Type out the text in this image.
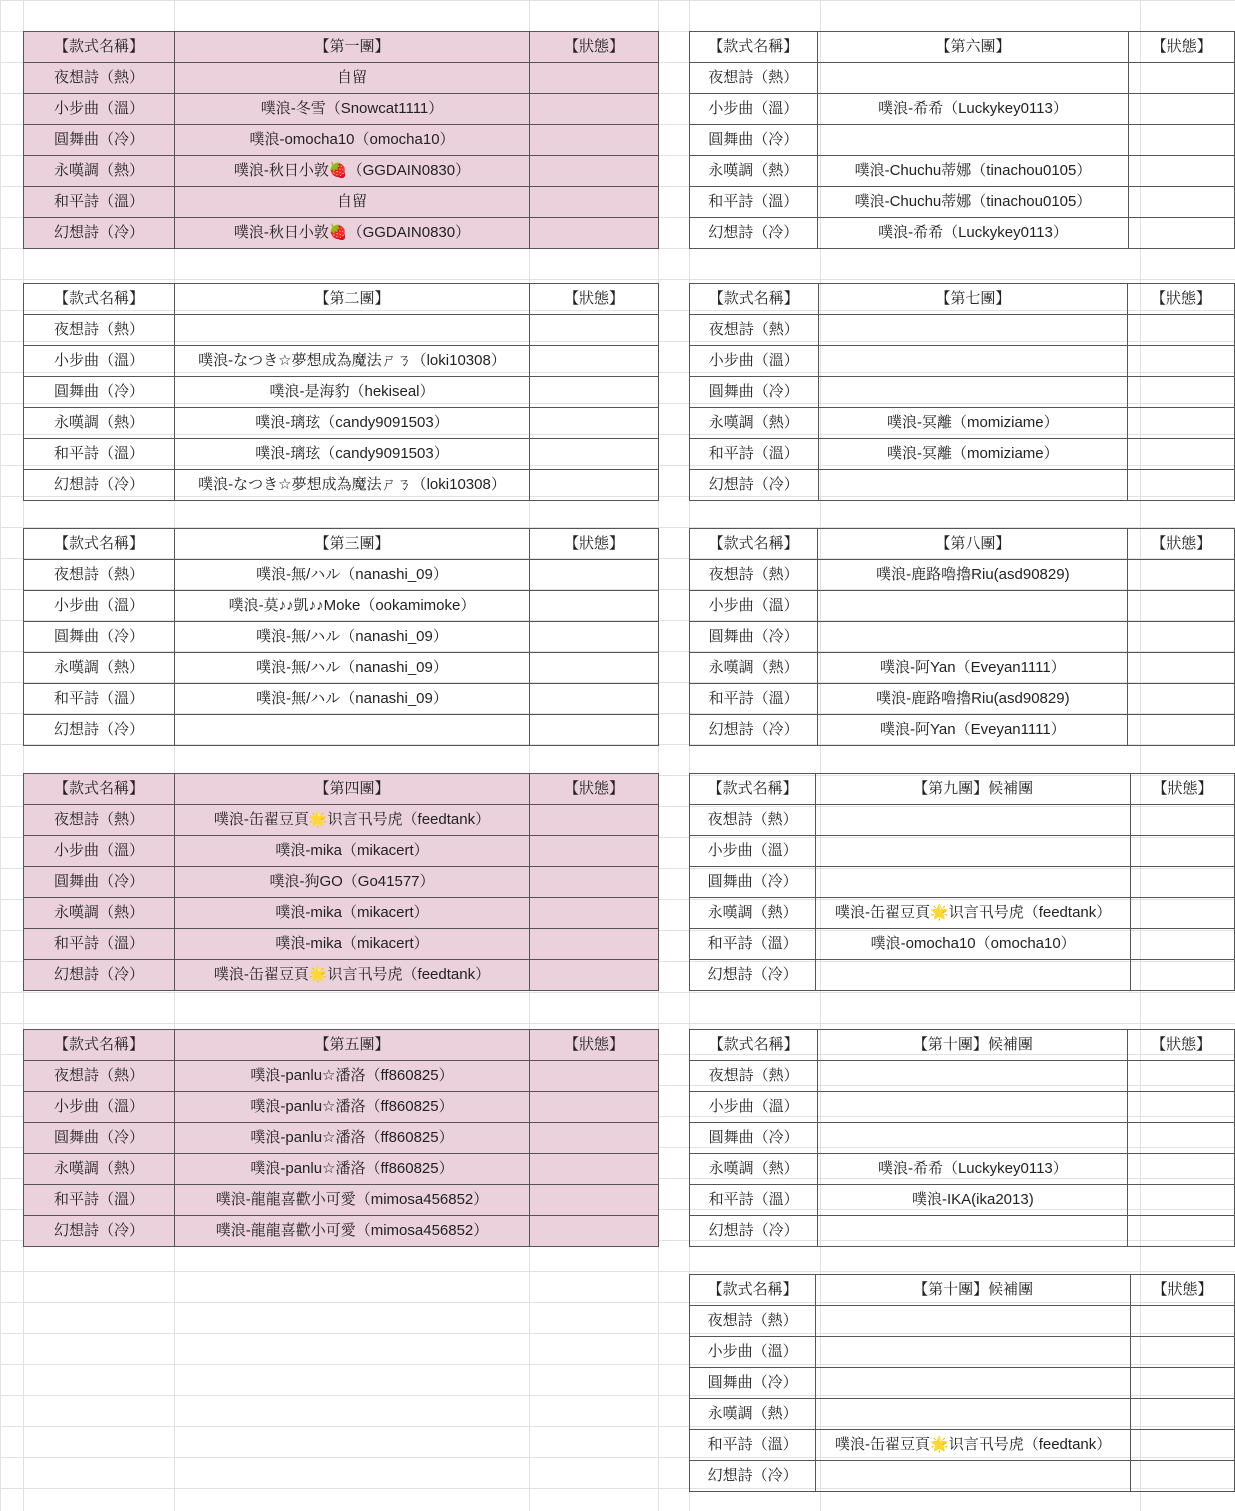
【款式名稱】	【第一團】	【狀態】
夜想詩（熱）	自留	
小步曲（溫）	噗浪-冬雪（Snowcat1111）	
圓舞曲（冷）	噗浪-omocha10（omocha10）	
永嘆調（熱）	噗浪-秋日小敦🍓（GGDAIN0830）	
和平詩（溫）	自留	
幻想詩（冷）	噗浪-秋日小敦🍓（GGDAIN0830）	
【款式名稱】	【第二團】	【狀態】
夜想詩（熱）		
小步曲（溫）	噗浪-なつき☆夢想成為魔法ㄕㄋ（loki10308）	
圓舞曲（冷）	噗浪-是海豹（hekiseal）	
永嘆調（熱）	噗浪-璃玹（candy9091503）	
和平詩（溫）	噗浪-璃玹（candy9091503）	
幻想詩（冷）	噗浪-なつき☆夢想成為魔法ㄕㄋ（loki10308）	
【款式名稱】	【第三團】	【狀態】
夜想詩（熱）	噗浪-無/ハル（nanashi_09）	
小步曲（溫）	噗浪-莫♪♪凱♪♪Moke（ookamimoke）	
圓舞曲（冷）	噗浪-無/ハル（nanashi_09）	
永嘆調（熱）	噗浪-無/ハル（nanashi_09）	
和平詩（溫）	噗浪-無/ハル（nanashi_09）	
幻想詩（冷）		
【款式名稱】	【第四團】	【狀態】
夜想詩（熱）	噗浪-缶翟豆頁🌟识言卂号虎（feedtank）	
小步曲（溫）	噗浪-mika（mikacert）	
圓舞曲（冷）	噗浪-狗GO（Go41577）	
永嘆調（熱）	噗浪-mika（mikacert）	
和平詩（溫）	噗浪-mika（mikacert）	
幻想詩（冷）	噗浪-缶翟豆頁🌟识言卂号虎（feedtank）	
【款式名稱】	【第五團】	【狀態】
夜想詩（熱）	噗浪-panlu☆潘洛（ff860825）	
小步曲（溫）	噗浪-panlu☆潘洛（ff860825）	
圓舞曲（冷）	噗浪-panlu☆潘洛（ff860825）	
永嘆調（熱）	噗浪-panlu☆潘洛（ff860825）	
和平詩（溫）	噗浪-龍龍喜歡小可愛（mimosa456852）	
幻想詩（冷）	噗浪-龍龍喜歡小可愛（mimosa456852）	
【款式名稱】	【第六團】	【狀態】
夜想詩（熱）		
小步曲（溫）	噗浪-希希（Luckykey0113）	
圓舞曲（冷）		
永嘆調（熱）	噗浪-Chuchu蒂娜（tinachou0105）	
和平詩（溫）	噗浪-Chuchu蒂娜（tinachou0105）	
幻想詩（冷）	噗浪-希希（Luckykey0113）	
【款式名稱】	【第七團】	【狀態】
夜想詩（熱）		
小步曲（溫）		
圓舞曲（冷）		
永嘆調（熱）	噗浪-冥離（momiziame）	
和平詩（溫）	噗浪-冥離（momiziame）	
幻想詩（冷）		
【款式名稱】	【第八團】	【狀態】
夜想詩（熱）	噗浪-鹿路嚕擼Riu(asd90829)	
小步曲（溫）		
圓舞曲（冷）		
永嘆調（熱）	噗浪-阿Yan（Eveyan1111）	
和平詩（溫）	噗浪-鹿路嚕擼Riu(asd90829)	
幻想詩（冷）	噗浪-阿Yan（Eveyan1111）	
【款式名稱】	【第九團】候補團	【狀態】
夜想詩（熱）		
小步曲（溫）		
圓舞曲（冷）		
永嘆調（熱）	噗浪-缶翟豆頁🌟识言卂号虎（feedtank）	
和平詩（溫）	噗浪-omocha10（omocha10）	
幻想詩（冷）		
【款式名稱】	【第十團】候補團	【狀態】
夜想詩（熱）		
小步曲（溫）		
圓舞曲（冷）		
永嘆調（熱）	噗浪-希希（Luckykey0113）	
和平詩（溫）	噗浪-IKA(ika2013)	
幻想詩（冷）		
【款式名稱】	【第十團】候補團	【狀態】
夜想詩（熱）		
小步曲（溫）		
圓舞曲（冷）		
永嘆調（熱）		
和平詩（溫）	噗浪-缶翟豆頁🌟识言卂号虎（feedtank）	
幻想詩（冷）		
